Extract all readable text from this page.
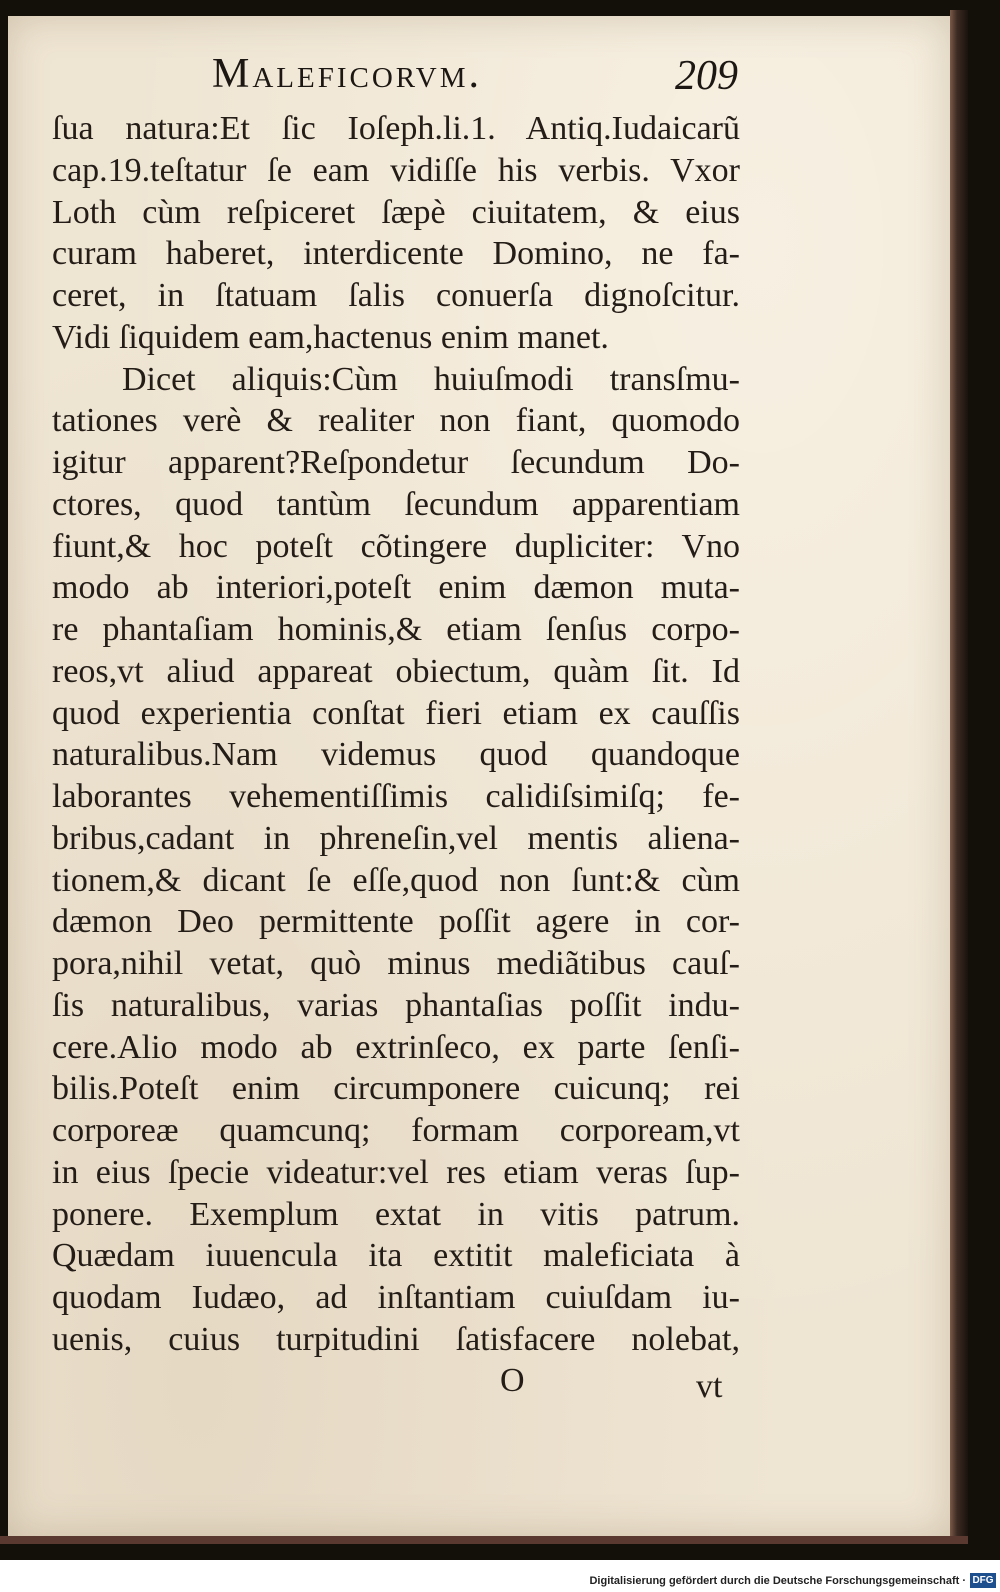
Maleficorvm.	209
ſua natura:Et ſic Ioſeph.li.1. Antiq.Iudaicarũ
cap.19.teſtatur ſe eam vidiſſe his verbis. Vxor
Loth cùm reſpiceret ſæpè ciuitatem, & eius
curam haberet, interdicente Domino, ne fa-
ceret, in ſtatuam ſalis conuerſa dignoſcitur.
Vidi ſiquidem eam,hactenus enim manet.
Dicet aliquis:Cùm huiuſmodi transſmu-
tationes verè & realiter non fiant, quomodo
igitur apparent?Reſpondetur ſecundum Do-
ctores, quod tantùm ſecundum apparentiam
fiunt,& hoc poteſt cõtingere dupliciter: Vno
modo ab interiori,poteſt enim dæmon muta-
re phantaſiam hominis,& etiam ſenſus corpo-
reos,vt aliud appareat obiectum, quàm ſit. Id
quod experientia conſtat fieri etiam ex cauſſis
naturalibus.Nam videmus quod quandoque
laborantes vehementiſſimis calidiſsimiſq; fe-
bribus,cadant in phreneſin,vel mentis aliena-
tionem,& dicant ſe eſſe,quod non ſunt:& cùm
dæmon Deo permittente poſſit agere in cor-
pora,nihil vetat, quò minus mediãtibus cauſ-
ſis naturalibus, varias phantaſias poſſit indu-
cere.Alio modo ab extrinſeco, ex parte ſenſi-
bilis.Poteſt enim circumponere cuicunq; rei
corporeæ quamcunq; formam corpoream,vt
in eius ſpecie videatur:vel res etiam veras ſup-
ponere. Exemplum extat in vitis patrum.
Quædam iuuencula ita extitit maleficiata à
quodam Iudæo, ad inſtantiam cuiuſdam iu-
uenis, cuius turpitudini ſatisfacere nolebat,
O	vt
Digitalisierung gefördert durch die Deutsche Forschungsgemeinschaft · DFG
